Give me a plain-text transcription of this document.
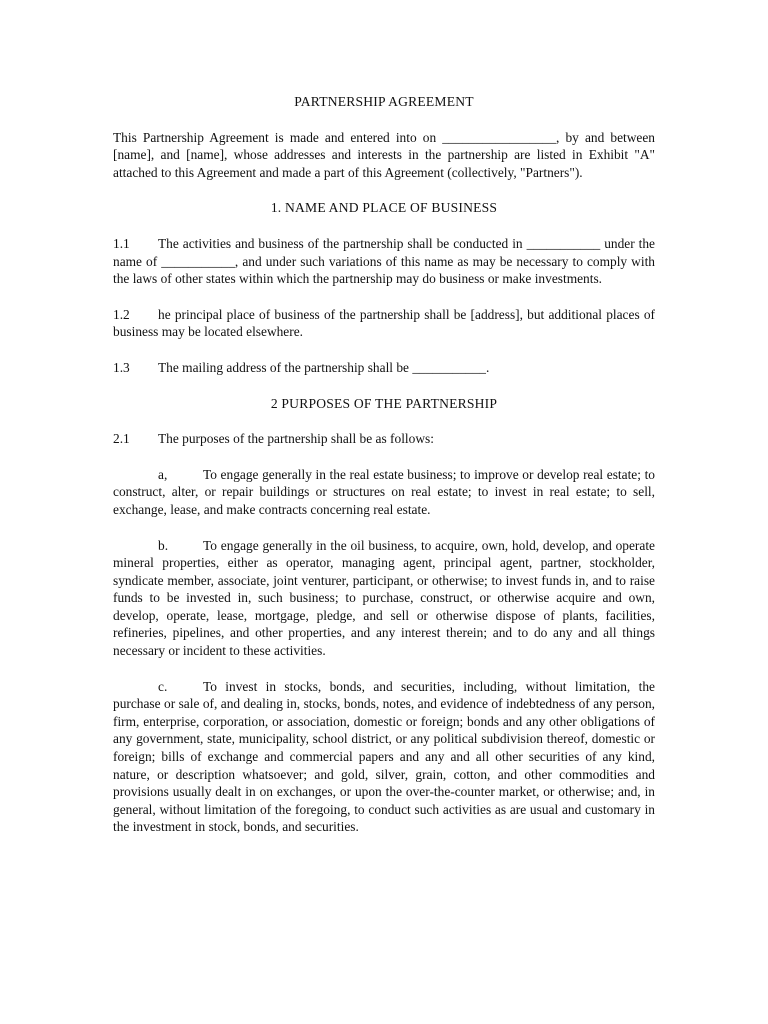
PARTNERSHIP AGREEMENT

This Partnership Agreement is made and entered into on _________________, by and between [name], and [name], whose addresses and interests in the partnership are listed in Exhibit "A" attached to this Agreement and made a part of this Agreement (collectively, "Partners").

1. NAME AND PLACE OF BUSINESS

1.1 The activities and business of the partnership shall be conducted in ___________ under the name of ___________, and under such variations of this name as may be necessary to comply with the laws of other states within which the partnership may do business or make investments.

1.2 he principal place of business of the partnership shall be [address], but additional places of business may be located elsewhere.

1.3 The mailing address of the partnership shall be ___________.

2 PURPOSES OF THE PARTNERSHIP

2.1 The purposes of the partnership shall be as follows:

a,	To engage generally in the real estate business; to improve or develop real estate; to construct, alter, or repair buildings or structures on real estate; to invest in real estate; to sell, exchange, lease, and make contracts concerning real estate.

b.	To engage generally in the oil business, to acquire, own, hold, develop, and operate mineral properties, either as operator, managing agent, principal agent, partner, stockholder, syndicate member, associate, joint venturer, participant, or otherwise; to invest funds in, and to raise funds to be invested in, such business; to purchase, construct, or otherwise acquire and own, develop, operate, lease, mortgage, pledge, and sell or otherwise dispose of plants, facilities, refineries, pipelines, and other properties, and any interest therein; and to do any and all things necessary or incident to these activities.

c.	To invest in stocks, bonds, and securities, including, without limitation, the purchase or sale of, and dealing in, stocks, bonds, notes, and evidence of indebtedness of any person, firm, enterprise, corporation, or association, domestic or foreign; bonds and any other obligations of any government, state, municipality, school district, or any political subdivision thereof, domestic or foreign; bills of exchange and commercial papers and any and all other securities of any kind, nature, or description whatsoever; and gold, silver, grain, cotton, and other commodities and provisions usually dealt in on exchanges, or upon the over-the-counter market, or otherwise; and, in general, without limitation of the foregoing, to conduct such activities as are usual and customary in the investment in stock, bonds, and securities.
